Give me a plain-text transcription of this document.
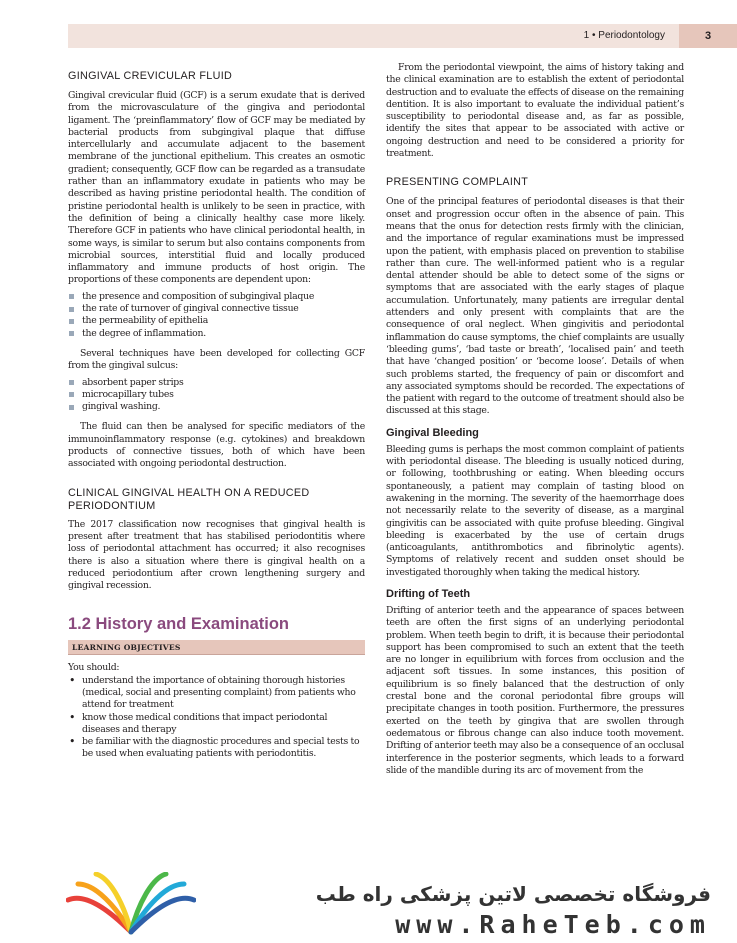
1 • Periodontology	3
GINGIVAL CREVICULAR FLUID

Gingival crevicular fluid (GCF) is a serum exudate that is derived from the microvasculature of the gingiva and periodontal ligament. The ‘preinflammatory’ flow of GCF may be mediated by bacterial products from subgingival plaque that diffuse intercellularly and accumulate adjacent to the basement membrane of the junctional epithelium. This creates an osmotic gradient; consequently, GCF flow can be regarded as a transudate rather than an inflammatory exudate in patients who may be described as having pristine periodontal health. The condition of pristine periodontal health is unlikely to be seen in practice, with the definition of being a clinically healthy case more likely. Therefore GCF in patients who have clinical periodontal health, in some ways, is similar to serum but also contains components from microbial sources, interstitial fluid and locally produced inflammatory and immune products of host origin. The proportions of these components are dependent upon:

the presence and composition of subgingival plaque
the rate of turnover of gingival connective tissue
the permeability of epithelia
the degree of inflammation.

Several techniques have been developed for collecting GCF from the gingival sulcus:

absorbent paper strips
microcapillary tubes
gingival washing.

The fluid can then be analysed for specific mediators of the immunoinflammatory response (e.g. cytokines) and breakdown products of connective tissues, both of which have been associated with ongoing periodontal destruction.

CLINICAL GINGIVAL HEALTH ON A REDUCED
PERIODONTIUM

The 2017 classification now recognises that gingival health is present after treatment that has stabilised periodontitis where loss of periodontal attachment has occurred; it also recognises there is also a situation where there is gingival health on a reduced periodontium after crown lengthening surgery and gingival recession.

1.2 History and Examination
LEARNING OBJECTIVES

You should:

• understand the importance of obtaining thorough histories (medical, social and presenting complaint) from patients who attend for treatment
• know those medical conditions that impact periodontal diseases and therapy
• be familiar with the diagnostic procedures and special tests to be used when evaluating patients with periodontitis.

From the periodontal viewpoint, the aims of history taking and the clinical examination are to establish the extent of periodontal destruction and to evaluate the effects of disease on the remaining dentition. It is also important to evaluate the individual patient’s susceptibility to periodontal disease and, as far as possible, identify the sites that appear to be associated with active or ongoing destruction and need to be considered a priority for treatment.

PRESENTING COMPLAINT

One of the principal features of periodontal diseases is that their onset and progression occur often in the absence of pain. This means that the onus for detection rests firmly with the clinician, and the importance of regular examinations must be impressed upon the patient, with emphasis placed on prevention to stabilise rather than cure. The well-informed patient who is a regular dental attender should be able to detect some of the signs or symptoms that are associated with the early stages of plaque accumulation. Unfortunately, many patients are irregular dental attenders and only present with complaints that are the consequence of oral neglect. When gingivitis and periodontal inflammation do cause symptoms, the chief complaints are usually ‘bleeding gums’, ‘bad taste or breath’, ‘localised pain’ and teeth that have ‘changed position’ or ‘become loose’. Details of when such problems started, the frequency of pain or discomfort and any associated symptoms should be recorded. The expectations of the patient with regard to the outcome of treatment should also be discussed at this stage.

Gingival Bleeding

Bleeding gums is perhaps the most common complaint of patients with periodontal disease. The bleeding is usually noticed during, or following, toothbrushing or eating. When bleeding occurs spontaneously, a patient may complain of tasting blood on awakening in the morning. The severity of the haemorrhage does not necessarily relate to the severity of disease, as a marginal gingivitis can be associated with quite profuse bleeding. Gingival bleeding is exacerbated by the use of certain drugs (anticoagulants, antithrombotics and fibrinolytic agents). Symptoms of relatively recent and sudden onset should be investigated thoroughly when taking the medical history.

Drifting of Teeth

Drifting of anterior teeth and the appearance of spaces between teeth are often the first signs of an underlying periodontal problem. When teeth begin to drift, it is because their periodontal support has been compromised to such an extent that the teeth are no longer in equilibrium with forces from occlusion and the adjacent soft tissues. In some instances, this position of equilibrium is so finely balanced that the destruction of only crestal bone and the coronal periodontal fibre groups will precipitate changes in tooth position. Furthermore, the pressures exerted on the teeth by gingiva that are swollen through oedematous or fibrous change can also induce tooth movement. Drifting of anterior teeth may also be a consequence of an occlusal interference in the posterior segments, which leads to a forward slide of the mandible during its arc of movement from the

فروشگاه تخصصی لاتین پزشکی راه طب
www.RaheTeb.com
